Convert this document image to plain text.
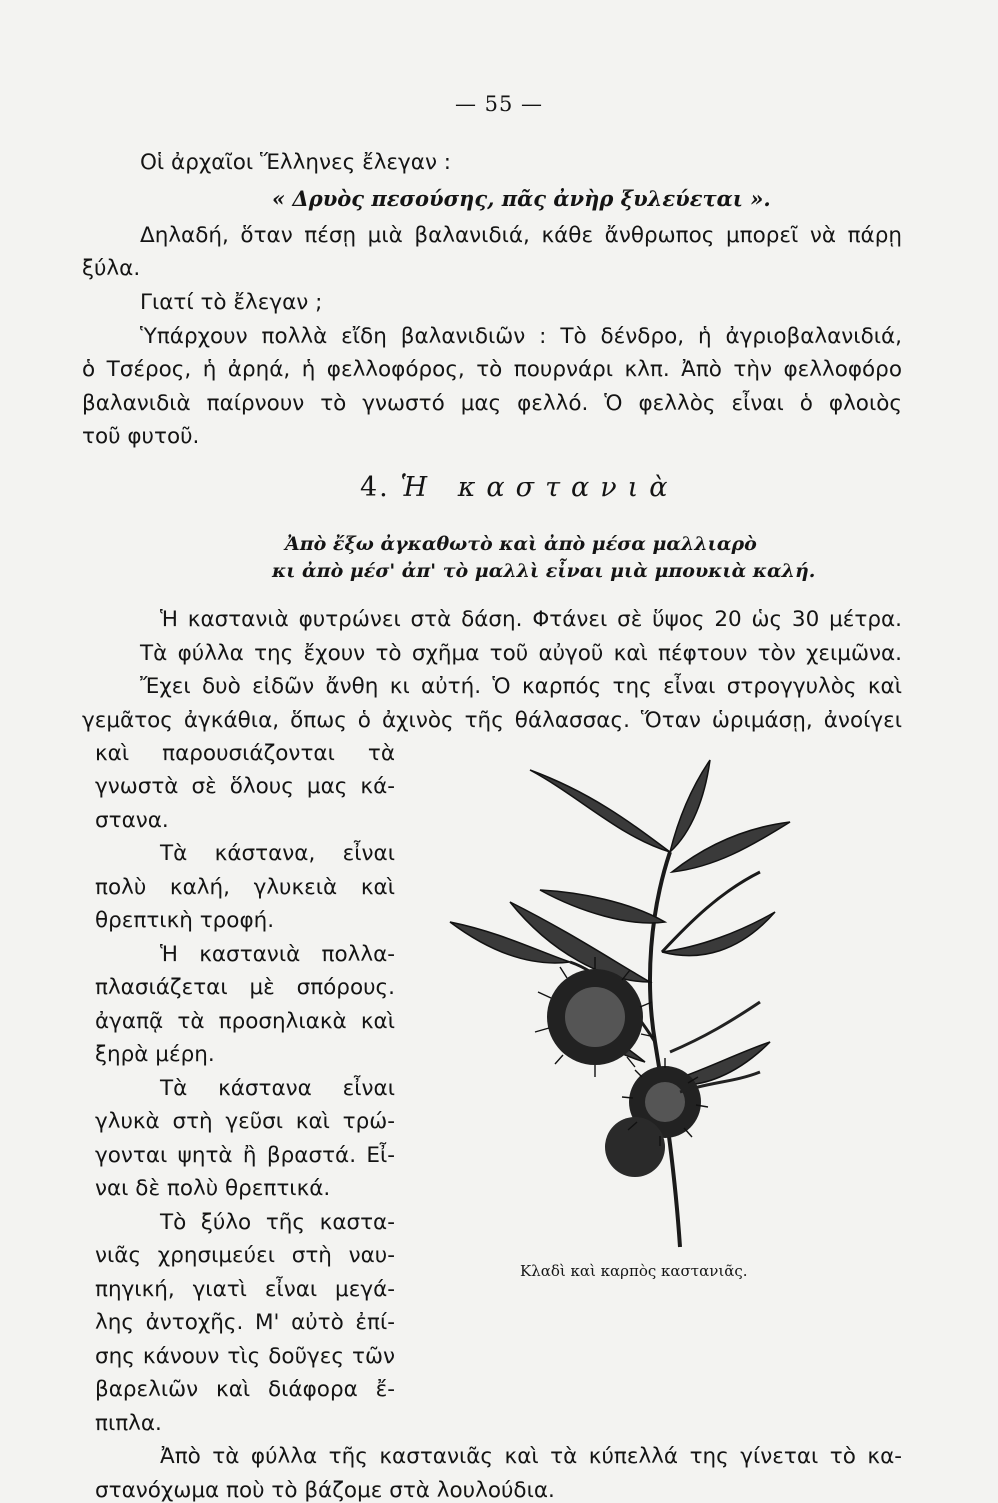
— 55 —
Οἱ ἀρχαῖοι Ἕλληνες ἔλεγαν :
« Δρυὸς πεσούσης, πᾶς ἀνὴρ ξυλεύεται ».
Δηλαδή, ὅταν πέσῃ μιὰ βαλανιδιά, κάθε ἄνθρωπος μπορεῖ νὰ πάρῃ
ξύλα.
Γιατί τὸ ἔλεγαν ;
Ὑπάρχουν πολλὰ εἴδη βαλανιδιῶν : Τὸ δένδρο, ἡ ἀγριοβαλανιδιά,
ὁ Τσέρος, ἡ ἀρηά, ἡ φελλοφόρος, τὸ πουρνάρι κλπ. Ἀπὸ τὴν φελλοφόρο
βαλανιδιὰ παίρνουν τὸ γνωστό μας φελλό. Ὁ φελλὸς εἶναι ὁ φλοιὸς
τοῦ φυτοῦ.
4. Ἡ καστανιὰ
Ἀπὸ ἔξω ἀγκαθωτὸ καὶ ἀπὸ μέσα μαλλιαρὸ
κι ἀπὸ μέσ' ἀπ' τὸ μαλλὶ εἶναι μιὰ μπουκιὰ καλή.
Ἡ καστανιὰ φυτρώνει στὰ δάση. Φτάνει σὲ ὕψος 20 ὡς 30 μέτρα.
Τὰ φύλλα της ἔχουν τὸ σχῆμα τοῦ αὐγοῦ καὶ πέφτουν τὸν χειμῶνα.
Ἔχει δυὸ εἰδῶν ἄνθη κι αὐτή. Ὁ καρπός της εἶναι στρογγυλὸς καὶ
γεμᾶτος ἀγκάθια, ὅπως ὁ ἀχινὸς τῆς θάλασσας. Ὅταν ὡριμάσῃ, ἀνοίγει
καὶ παρουσιάζονται τὰ
γνωστὰ σὲ ὅλους μας κά-
στανα.
Τὰ κάστανα, εἶναι
πολὺ καλή, γλυκειὰ καὶ
θρεπτικὴ τροφή.
Ἡ καστανιὰ πολλα-
πλασιάζεται μὲ σπόρους.
ἀγαπᾷ τὰ προσηλιακὰ καὶ
ξηρὰ μέρη.
Τὰ κάστανα εἶναι
γλυκὰ στὴ γεῦσι καὶ τρώ-
γονται ψητὰ ἢ βραστά. Εἶ-
ναι δὲ πολὺ θρεπτικά.
Τὸ ξύλο τῆς καστα-
νιᾶς χρησιμεύει στὴ ναυ-
πηγική, γιατὶ εἶναι μεγά-
λης ἀντοχῆς. Μ' αὐτὸ ἐπί-
σης κάνουν τὶς δοῦγες τῶν
βαρελιῶν καὶ διάφορα ἔ-
πιπλα.
Ἀπὸ τὰ φύλλα τῆς καστανιᾶς καὶ τὰ κύπελλά της γίνεται τὸ κα-
στανόχωμα ποὺ τὸ βάζομε στὰ λουλούδια.
Κλαδὶ καὶ καρπὸς καστανιᾶς.
